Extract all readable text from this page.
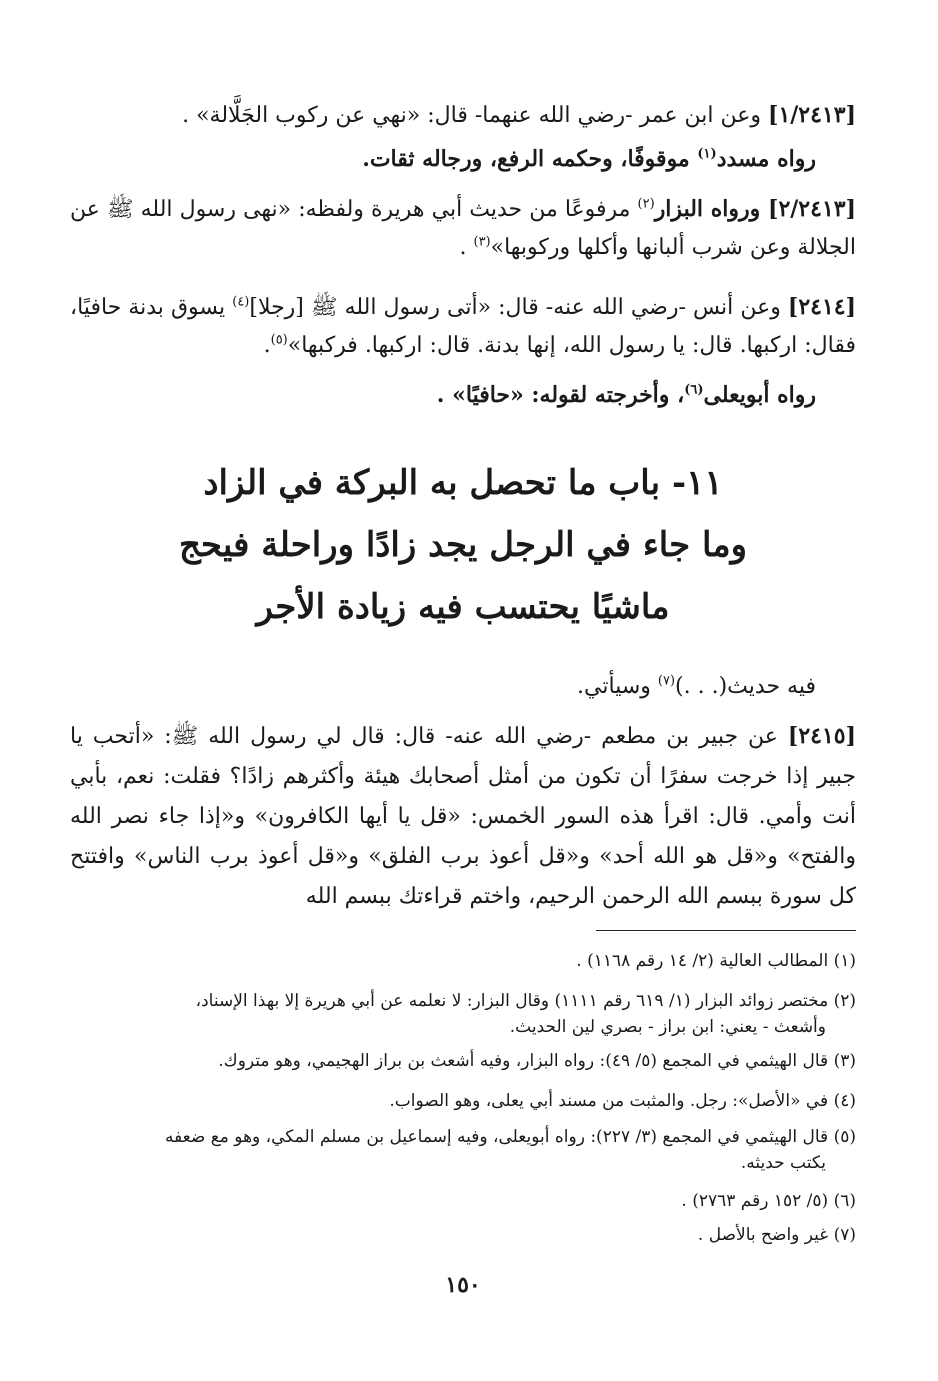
[١/٢٤١٣] وعن ابن عمر -رضي الله عنهما- قال: «نهي عن ركوب الجَلَّالة» .
رواه مسدد$^{(١)}$ موقوفًا، وحكمه الرفع، ورجاله ثقات.
[٢/٢٤١٣] ورواه البزار$^{(٢)}$ مرفوعًا من حديث أبي هريرة ولفظه: «نهى رسول الله ﷺ عن الجلالة وعن شرب ألبانها وأكلها وركوبها»$^{(٣)}$ .
[٢٤١٤] وعن أنس -رضي الله عنه- قال: «أتى رسول الله ﷺ [رجلا]$^{(٤)}$ يسوق بدنة حافيًا، فقال: اركبها. قال: يا رسول الله، إنها بدنة. قال: اركبها. فركبها»$^{(٥)}$.
رواه أبويعلى$^{(٦)}$، وأخرجته لقوله: «حافيًا» .
١١- باب ما تحصل به البركة في الزاد
وما جاء في الرجل يجد زادًا وراحلة فيحج
ماشيًا يحتسب فيه زيادة الأجر
فيه حديث(. . .)$^{(٧)}$ وسيأتي.
[٢٤١٥] عن جبير بن مطعم -رضي الله عنه- قال: قال لي رسول الله ﷺ: «أتحب يا جبير إذا خرجت سفرًا أن تكون من أمثل أصحابك هيئة وأكثرهم زادًا؟ فقلت: نعم، بأبي أنت وأمي. قال: اقرأ هذه السور الخمس: «قل يا أيها الكافرون» و«إذا جاء نصر الله والفتح» و«قل هو الله أحد» و«قل أعوذ برب الفلق» و«قل أعوذ برب الناس» وافتتح كل سورة ببسم الله الرحمن الرحيم، واختم قراءتك ببسم الله
(١) المطالب العالية (٢/ ١٤ رقم ١١٦٨) .
(٢) مختصر زوائد البزار (١/ ٦١٩ رقم ١١١١) وقال البزار: لا نعلمه عن أبي هريرة إلا بهذا الإسناد،
وأشعث - يعني: ابن براز - بصري لين الحديث.
(٣) قال الهيثمي في المجمع (٥/ ٤٩): رواه البزار، وفيه أشعث بن براز الهجيمي، وهو متروك.
(٤) في «الأصل»: رجل. والمثبت من مسند أبي يعلى، وهو الصواب.
(٥) قال الهيثمي في المجمع (٣/ ٢٢٧): رواه أبويعلى، وفيه إسماعيل بن مسلم المكي، وهو مع ضعفه
يكتب حديثه.
(٦) (٥/ ١٥٢ رقم ٢٧٦٣) .
(٧) غير واضح بالأصل .
١٥٠
